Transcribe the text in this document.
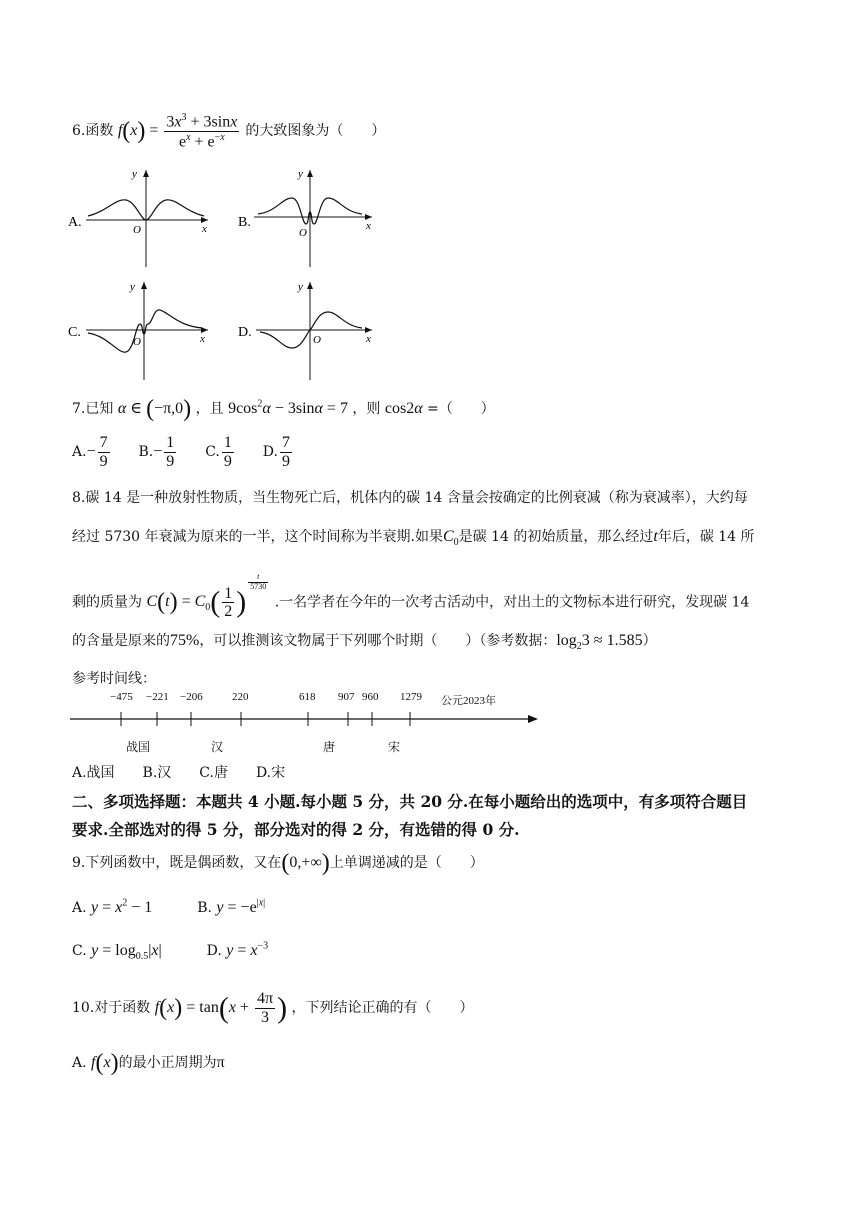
6.函数 $f(x) = \frac{3x^3 + 3\sin x}{e^x + e^{-x}}$ 的大致图象为（　　）
A.
y
x
O	B.
y
x
O
C.
y
x
O
D.
y
x
O
7.已知 α ∈ (−π,0) ，且 $9\cos^2\alpha - 3\sin\alpha = 7$ ，则 cos2α =（　　）
$A.- \frac{7}{9} B.- \frac{1}{9} C$. $\frac{1}{9} D$. $\frac{7}{9}$
8.碳 14 是一种放射性物质，当生物死亡后，机体内的碳 14 含量会按确定的比例衰减（称为衰减率），大约每
经过 5730 年衰减为原来的一半，这个时间称为半衰期.如果$C_0$是碳 14 的初始质量，那么经过t年后，碳 14 所
剩的质量为 $C(t) = C_0( \frac{1}{2}$ )
$^{\frac{t}{5730}}$
.一名学者在今年的一次考古活动中，对出土的文物标本进行研究，发现碳 14
的含量是原来的75%，可以推测该文物属于下列哪个时期（　　）（参考数据：$\log_23 \approx 1.585$）
参考时间线：
−475 −221 −206	220	618 907 960 1279 公元2023年
战国	汉	唐	宋
A.战国　　B.汉　　C.唐　　D.宋
二、多项选择题：本题共 4 小题.每小题 5 分，共 20 分.在每小题给出的选项中，有多项符合题目
要求.全部选对的得 5 分，部分选对的得 2 分，有选错的得 0 分.
9.下列函数中，既是偶函数，又在(0,+∞)上单调递减的是（　　）
A. $y = x^2 - 1$	B. $y = -e^{|x|}$
C. $y = \log_{0.5}|x|$	D. $y = x^{-3}$
10.对于函数 $f(x) = \tan(x + \frac{4\pi}{3}$ ) ，下列结论正确的有（　　）
A. f(x)的最小正周期为π
